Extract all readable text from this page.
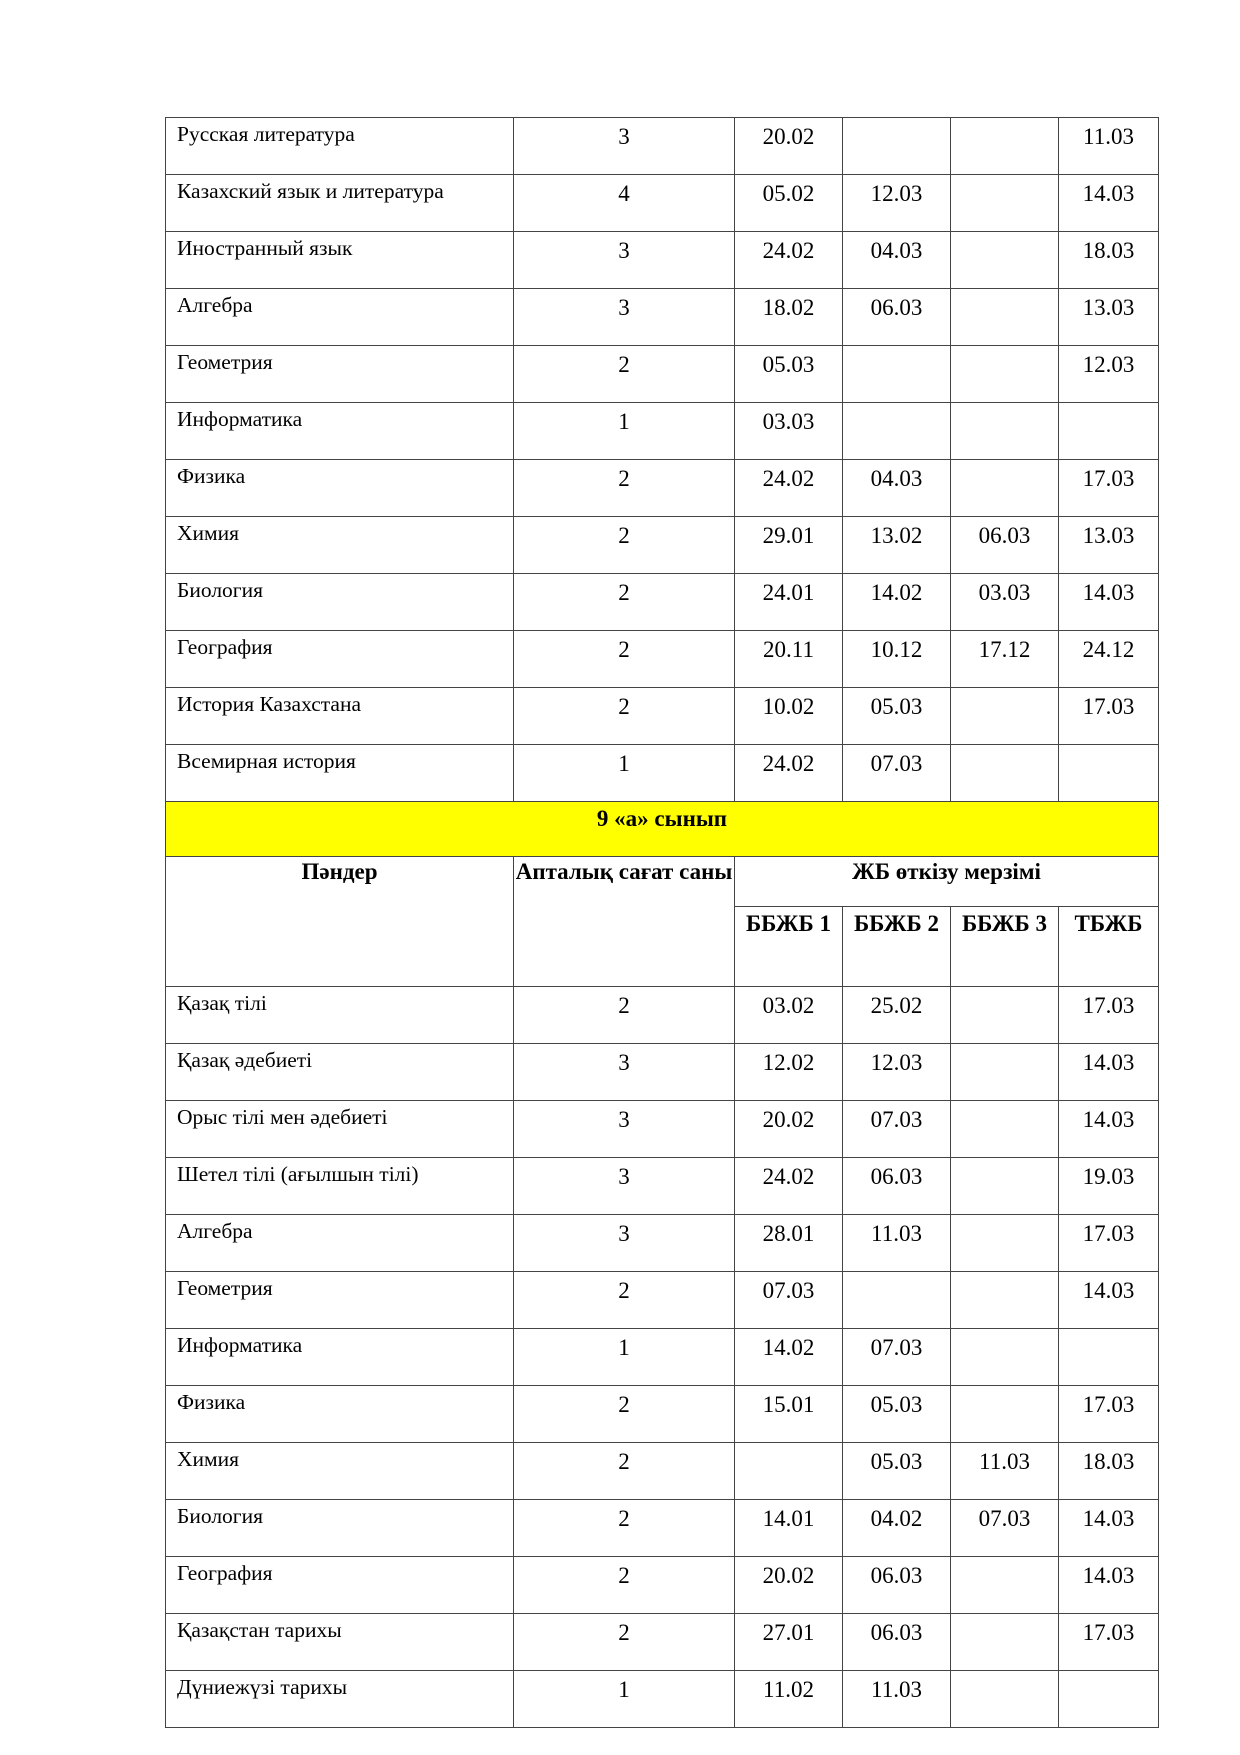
Русская литература	3	20.02			11.03
Казахский язык и литература	4	05.02	12.03		14.03
Иностранный язык	3	24.02	04.03		18.03
Алгебра	3	18.02	06.03		13.03
Геометрия	2	05.03			12.03
Информатика	1	03.03			
Физика	2	24.02	04.03		17.03
Химия	2	29.01	13.02	06.03	13.03
Биология	2	24.01	14.02	03.03	14.03
География	2	20.11	10.12	17.12	24.12
История Казахстана	2	10.02	05.03		17.03
Всемирная история	1	24.02	07.03		
9 «а» сынып					
Пәндер	Апталық сағат саны	ЖБ өткізу мерзімі			
		ББЖБ 1	ББЖБ 2	ББЖБ 3	ТБЖБ
Қазақ тілі	2	03.02	25.02		17.03
Қазақ әдебиеті	3	12.02	12.03		14.03
Орыс тілі мен әдебиеті	3	20.02	07.03		14.03
Шетел тілі (ағылшын тілі)	3	24.02	06.03		19.03
Алгебра	3	28.01	11.03		17.03
Геометрия	2	07.03			14.03
Информатика	1	14.02	07.03		
Физика	2	15.01	05.03		17.03
Химия	2		05.03	11.03	18.03
Биология	2	14.01	04.02	07.03	14.03
География	2	20.02	06.03		14.03
Қазақстан тарихы	2	27.01	06.03		17.03
Дүниежүзі тарихы	1	11.02	11.03		
